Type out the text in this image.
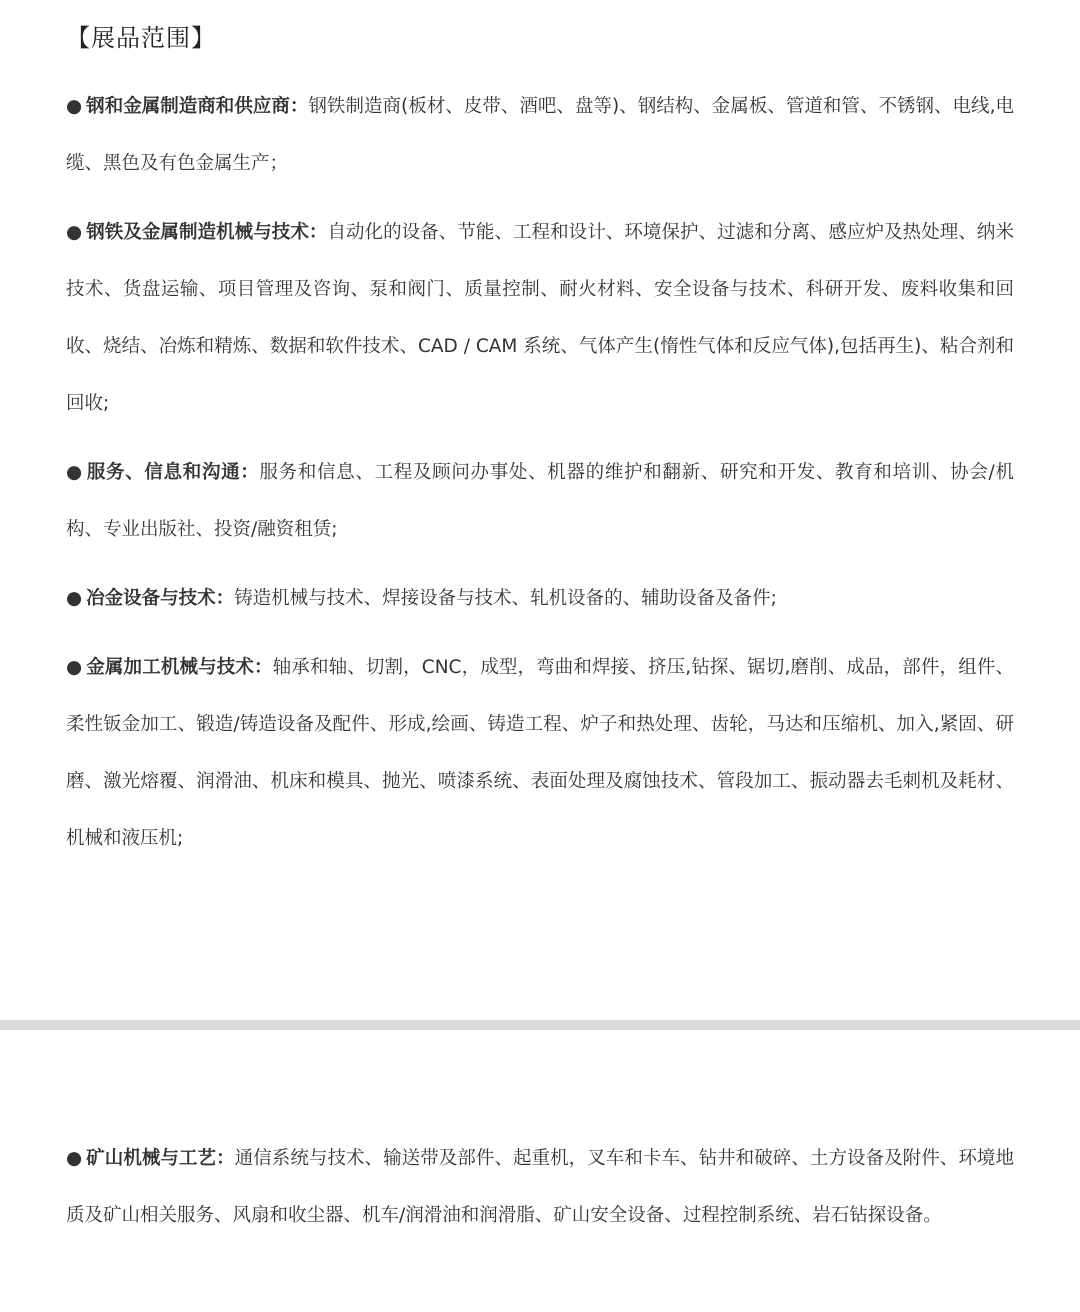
【展品范围】

● 钢和金属制造商和供应商：钢铁制造商(板材、皮带、酒吧、盘等)、钢结构、金属板、管道和管、不锈钢、电线,电缆、黑色及有色金属生产；

● 钢铁及金属制造机械与技术：自动化的设备、节能、工程和设计、环境保护、过滤和分离、感应炉及热处理、纳米技术、货盘运输、项目管理及咨询、泵和阀门、质量控制、耐火材料、安全设备与技术、科研开发、废料收集和回收、烧结、冶炼和精炼、数据和软件技术、CAD / CAM 系统、气体产生(惰性气体和反应气体),包括再生)、粘合剂和回收;

● 服务、信息和沟通：服务和信息、工程及顾问办事处、机器的维护和翻新、研究和开发、教育和培训、协会/机构、专业出版社、投资/融资租赁;

● 冶金设备与技术：铸造机械与技术、焊接设备与技术、轧机设备的、辅助设备及备件;

● 金属加工机械与技术：轴承和轴、切割，CNC，成型，弯曲和焊接、挤压,钻探、锯切,磨削、成品，部件，组件、柔性钣金加工、锻造/铸造设备及配件、形成,绘画、铸造工程、炉子和热处理、齿轮，马达和压缩机、加入,紧固、研磨、激光熔覆、润滑油、机床和模具、抛光、喷漆系统、表面处理及腐蚀技术、管段加工、振动器去毛刺机及耗材、机械和液压机;

● 矿山机械与工艺：通信系统与技术、输送带及部件、起重机，叉车和卡车、钻井和破碎、土方设备及附件、环境地质及矿山相关服务、风扇和收尘器、机车/润滑油和润滑脂、矿山安全设备、过程控制系统、岩石钻探设备。
